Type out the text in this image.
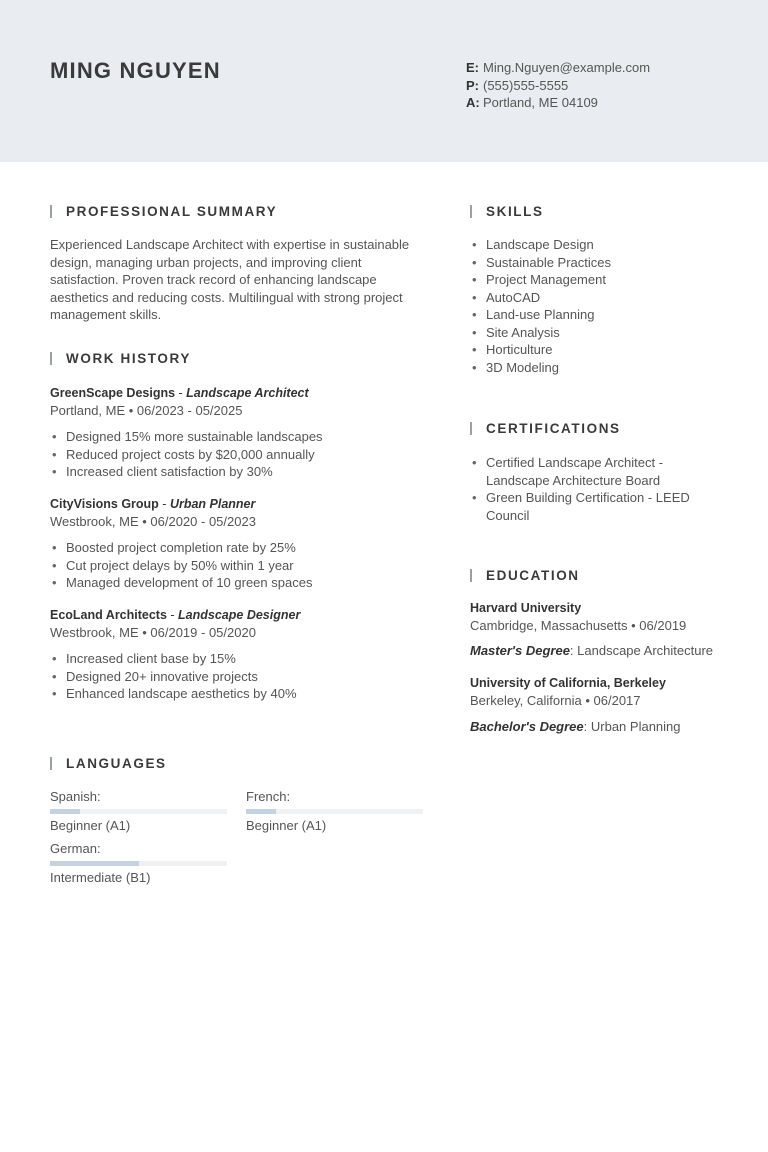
MING NGUYEN	E: Ming.Nguyen@example.com
P: (555)555-5555
A: Portland, ME 04109
PROFESSIONAL SUMMARY
Experienced Landscape Architect with expertise in sustainable design, managing urban projects, and improving client satisfaction. Proven track record of enhancing landscape aesthetics and reducing costs. Multilingual with strong project management skills.
WORK HISTORY
GreenScape Designs - Landscape Architect
Portland, ME • 06/2023 - 05/2025
• Designed 15% more sustainable landscapes
• Reduced project costs by $20,000 annually
• Increased client satisfaction by 30%
CityVisions Group - Urban Planner
Westbrook, ME • 06/2020 - 05/2023
• Boosted project completion rate by 25%
• Cut project delays by 50% within 1 year
• Managed development of 10 green spaces
EcoLand Architects - Landscape Designer
Westbrook, ME • 06/2019 - 05/2020
• Increased client base by 15%
• Designed 20+ innovative projects
• Enhanced landscape aesthetics by 40%
SKILLS
• Landscape Design
• Sustainable Practices
• Project Management
• AutoCAD
• Land-use Planning
• Site Analysis
• Horticulture
• 3D Modeling
CERTIFICATIONS
• Certified Landscape Architect - Landscape Architecture Board
• Green Building Certification - LEED Council
EDUCATION
Harvard University
Cambridge, Massachusetts • 06/2019
Master's Degree: Landscape Architecture
University of California, Berkeley
Berkeley, California • 06/2017
Bachelor's Degree: Urban Planning
LANGUAGES
Spanish:
Beginner (A1)
French:
Beginner (A1)
German:
Intermediate (B1)
